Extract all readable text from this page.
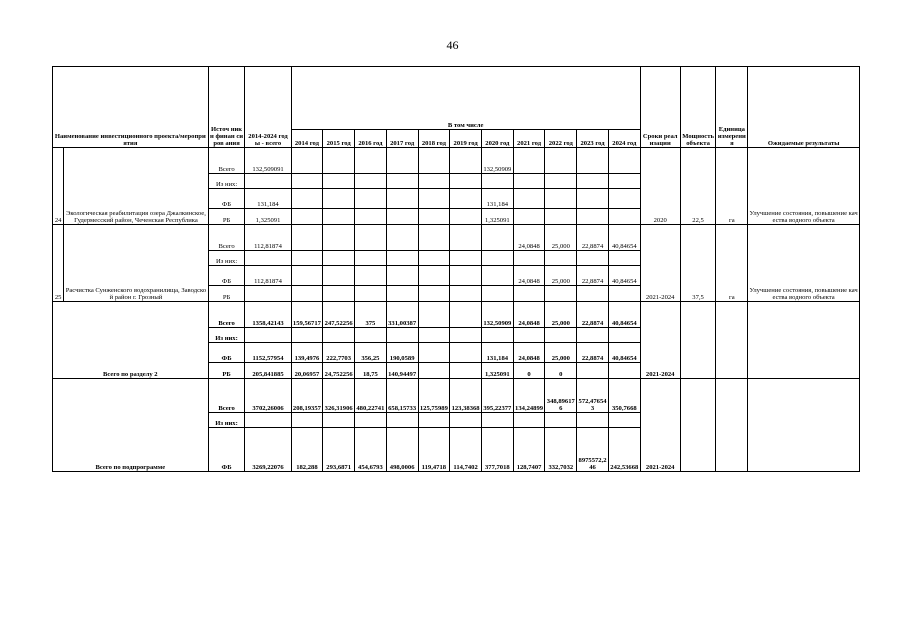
46
Наименование инвестиционного проекта/мероприятия		Источ никн финан сиров ания	2014-2024 годы - всего	В том числе											Сроки реализации	Мощность объекта	Единица измерения	Ожидаемые результаты
				2014 год	2015 год	2016 год	2017 год	2018 год	2019 год	2020 год	2021 год	2022 год	2023 год	2024 год				
24	Экологическая реабилитация озера Джалкинское, Гудермесский район, Чеченская Республика	Всего	132,509091							132,50909					2020	22,5	га	Улучшение состояния, повышение качества водного объекта
		Из них:																
		ФБ	131,184							131,184								
		РБ	1,325091							1,325091								
25	Расчистка Сунженского водохранилища, Заводской район г. Грозный	Всего	112,81874								24,0848	25,000	22,8874	40,84654	2021-2024	37,5	га	Улучшение состояния, повышение качества водного объекта
		Из них:																
		ФБ	112,81874								24,0848	25,000	22,8874	40,84654				
		РБ																
Всего по разделу 2		Всего	1358,42143	159,56717	247,52256	375	331,00387			132,50909	24,0848	25,000	22,8874	40,84654	2021-2024			
		Из них:																
		ФБ	1152,57954	139,4976	222,7703	356,25	190,0589			131,184	24,0848	25,000	22,8874	40,84654				
		РБ	205,841885	20,06957	24,752256	18,75	140,94497			1,325091	0	0						
Всего по подпрограмме		Всего	3702,26006	208,19357	326,31906	480,22741	658,15733	125,75989	123,38368	395,22377	134,24899	348,896176	572,476543	350,7668	2021-2024			
		Из них:																
		ФБ	3269,22076	182,288	293,6871	454,6793	498,0006	119,4718	114,7402	377,7018	128,7407	332,7032	8975572,246	242,53668				
